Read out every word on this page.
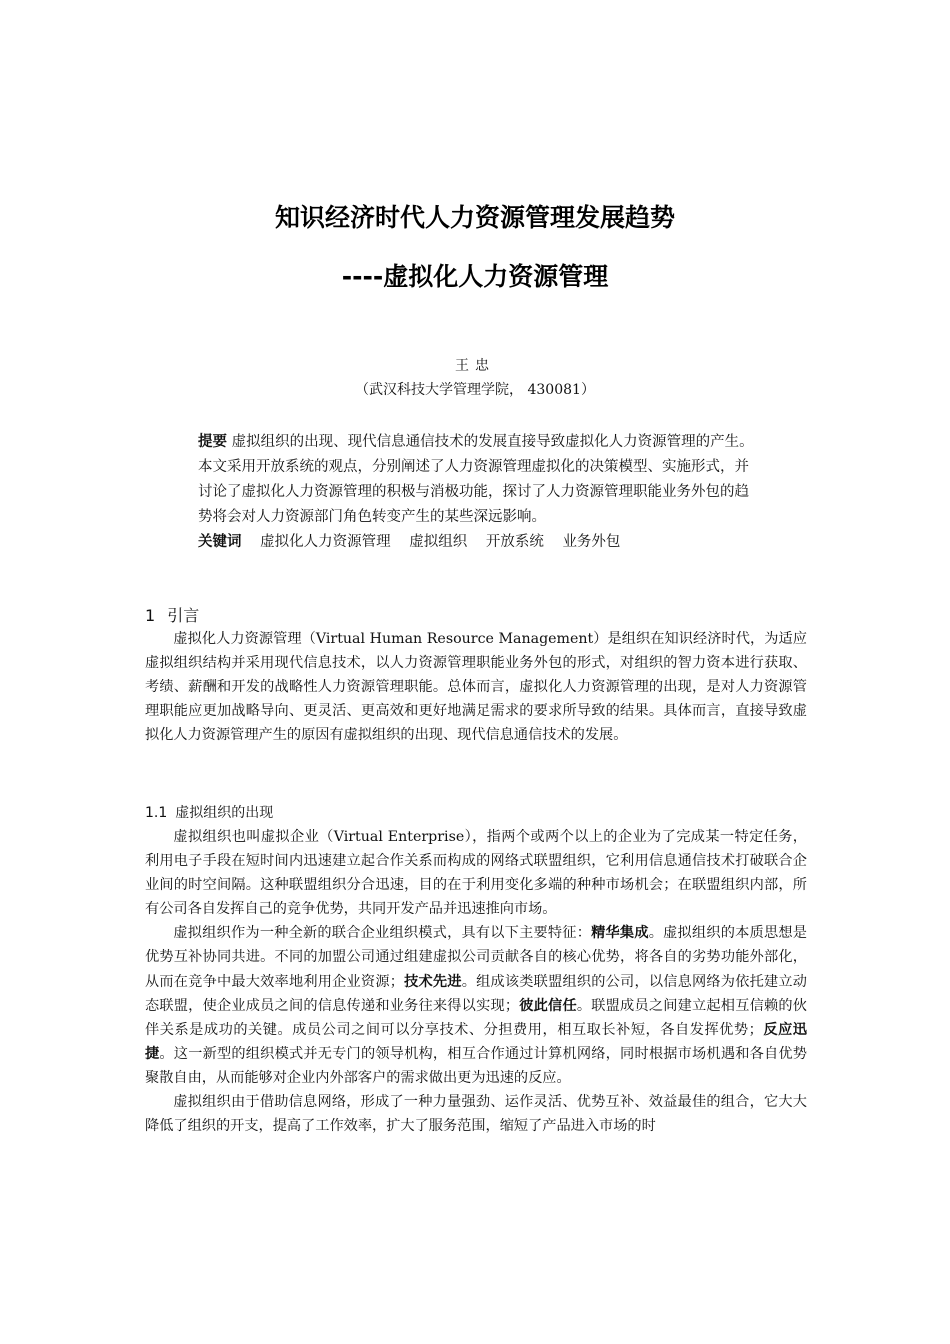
知识经济时代人力资源管理发展趋势
----虚拟化人力资源管理
王忠
（武汉科技大学管理学院， 430081）

提要 虚拟组织的出现、现代信息通信技术的发展直接导致虚拟化人力资源管理的产生。本文采用开放系统的观点，分别阐述了人力资源管理虚拟化的决策模型、实施形式，并讨论了虚拟化人力资源管理的积极与消极功能，探讨了人力资源管理职能业务外包的趋势将会对人力资源部门角色转变产生的某些深远影响。

关键词 虚拟化人力资源管理 虚拟组织 开放系统 业务外包

1 引言

虚拟化人力资源管理（Virtual Human Resource Management）是组织在知识经济时代，为适应虚拟组织结构并采用现代信息技术，以人力资源管理职能业务外包的形式，对组织的智力资本进行获取、考绩、薪酬和开发的战略性人力资源管理职能。总体而言，虚拟化人力资源管理的出现，是对人力资源管理职能应更加战略导向、更灵活、更高效和更好地满足需求的要求所导致的结果。具体而言，直接导致虚拟化人力资源管理产生的原因有虚拟组织的出现、现代信息通信技术的发展。

1.1 虚拟组织的出现

虚拟组织也叫虚拟企业（Virtual Enterprise），指两个或两个以上的企业为了完成某一特定任务，利用电子手段在短时间内迅速建立起合作关系而构成的网络式联盟组织，它利用信息通信技术打破联合企业间的时空间隔。这种联盟组织分合迅速，目的在于利用变化多端的种种市场机会；在联盟组织内部，所有公司各自发挥自己的竞争优势，共同开发产品并迅速推向市场。

虚拟组织作为一种全新的联合企业组织模式，具有以下主要特征：精华集成。虚拟组织的本质思想是优势互补协同共进。不同的加盟公司通过组建虚拟公司贡献各自的核心优势，将各自的劣势功能外部化，从而在竞争中最大效率地利用企业资源；技术先进。组成该类联盟组织的公司，以信息网络为依托建立动态联盟，使企业成员之间的信息传递和业务往来得以实现；彼此信任。联盟成员之间建立起相互信赖的伙伴关系是成功的关键。成员公司之间可以分享技术、分担费用，相互取长补短，各自发挥优势；反应迅捷。这一新型的组织模式并无专门的领导机构，相互合作通过计算机网络，同时根据市场机遇和各自优势聚散自由，从而能够对企业内外部客户的需求做出更为迅速的反应。

虚拟组织由于借助信息网络，形成了一种力量强劲、运作灵活、优势互补、效益最佳的组合，它大大降低了组织的开支，提高了工作效率，扩大了服务范围，缩短了产品进入市场的时
